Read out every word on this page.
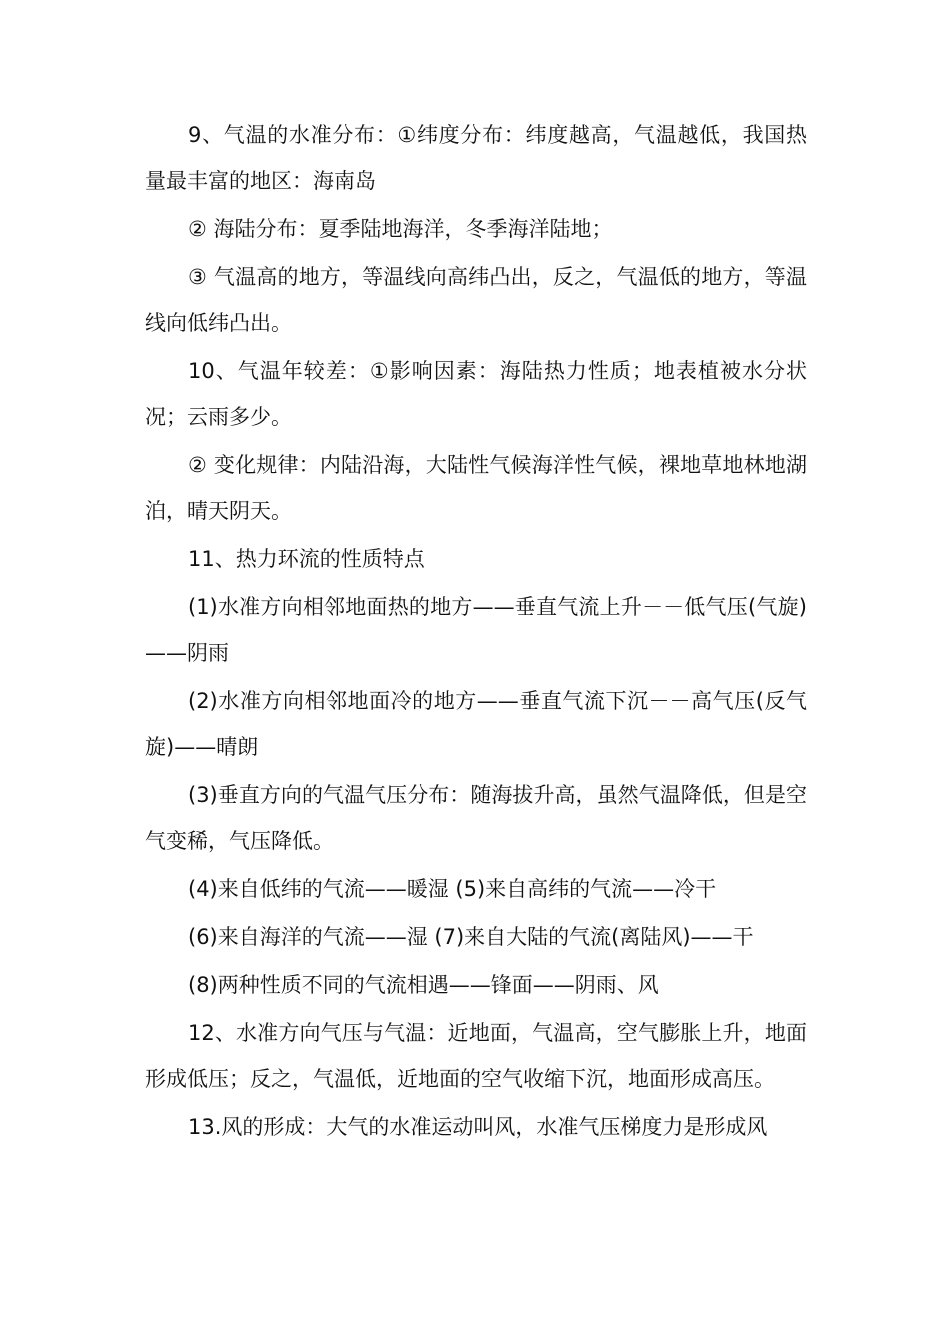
9、气温的水准分布：①纬度分布：纬度越高，气温越低，我国热量最丰富的地区：海南岛

② 海陆分布：夏季陆地海洋，冬季海洋陆地；

③ 气温高的地方，等温线向高纬凸出，反之，气温低的地方，等温线向低纬凸出。

10、气温年较差：①影响因素：海陆热力性质；地表植被水分状况；云雨多少。

② 变化规律：内陆沿海，大陆性气候海洋性气候，裸地草地林地湖泊，晴天阴天。

11、热力环流的性质特点

(1)水准方向相邻地面热的地方——垂直气流上升－－低气压(气旋)——阴雨

(2)水准方向相邻地面冷的地方——垂直气流下沉－－高气压(反气旋)——晴朗

(3)垂直方向的气温气压分布：随海拔升高，虽然气温降低，但是空气变稀，气压降低。

(4)来自低纬的气流——暖湿 (5)来自高纬的气流——冷干

(6)来自海洋的气流——湿 (7)来自大陆的气流(离陆风)——干

(8)两种性质不同的气流相遇——锋面——阴雨、风

12、水准方向气压与气温：近地面，气温高，空气膨胀上升，地面形成低压；反之，气温低，近地面的空气收缩下沉，地面形成高压。

13.风的形成：大气的水准运动叫风，水准气压梯度力是形成风
